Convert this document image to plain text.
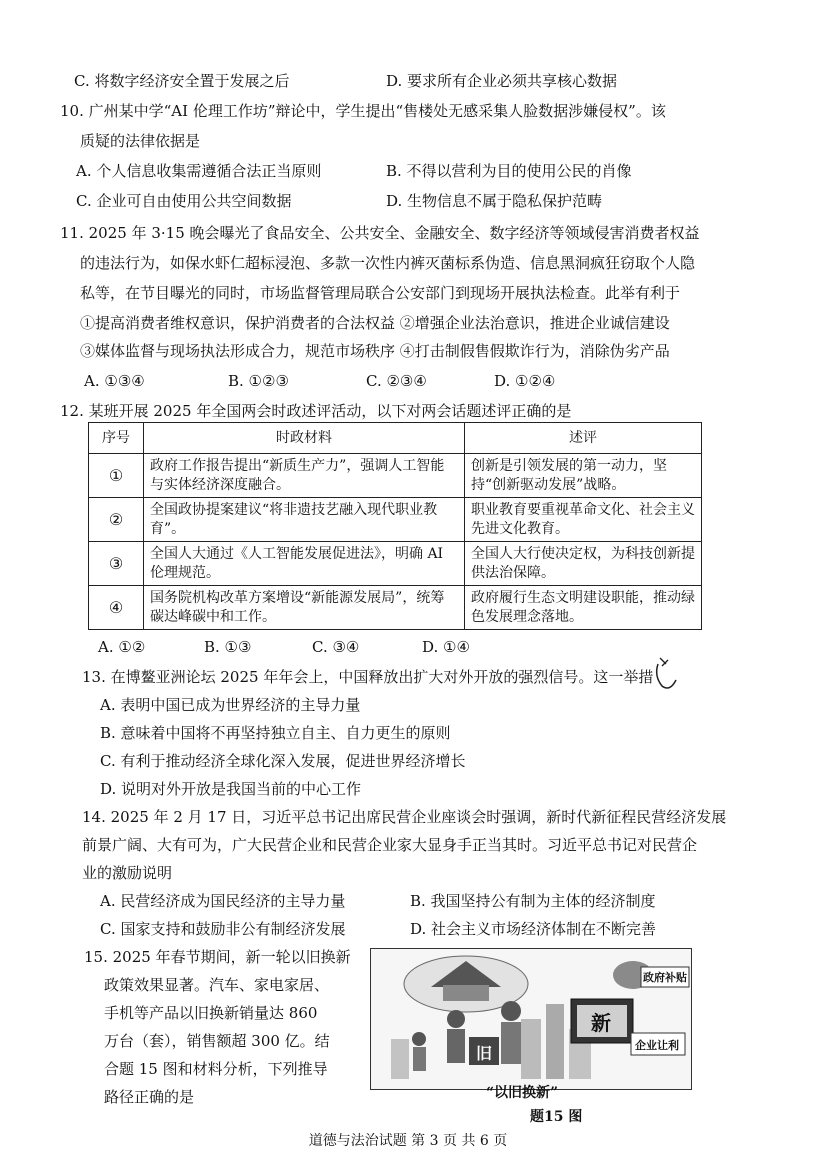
C. 将数字经济安全置于发展之后	D. 要求所有企业必须共享核心数据
10. 广州某中学“AI 伦理工作坊”辩论中，学生提出“售楼处无感采集人脸数据涉嫌侵权”。该
质疑的法律依据是
A. 个人信息收集需遵循合法正当原则	B. 不得以营利为目的使用公民的肖像
C. 企业可自由使用公共空间数据	D. 生物信息不属于隐私保护范畴
11. 2025 年 3·15 晚会曝光了食品安全、公共安全、金融安全、数字经济等领域侵害消费者权益
的违法行为，如保水虾仁超标浸泡、多款一次性内裤灭菌标系伪造、信息黑洞疯狂窃取个人隐
私等，在节目曝光的同时，市场监督管理局联合公安部门到现场开展执法检查。此举有利于
①提高消费者维权意识，保护消费者的合法权益 ②增强企业法治意识，推进企业诚信建设
③媒体监督与现场执法形成合力，规范市场秩序 ④打击制假售假欺诈行为，消除伪劣产品
A. ①③④	B. ①②③	C. ②③④	D. ①②④
12. 某班开展 2025 年全国两会时政述评活动，以下对两会话题述评正确的是
序号	时政材料	述评
①	政府工作报告提出“新质生产力”，强调人工智能与实体经济深度融合。	创新是引领发展的第一动力，坚持“创新驱动发展”战略。
②	全国政协提案建议“将非遗技艺融入现代职业教育”。	职业教育要重视革命文化、社会主义先进文化教育。
③	全国人大通过《人工智能发展促进法》，明确 AI 伦理规范。	全国人大行使决定权，为科技创新提供法治保障。
④	国务院机构改革方案增设“新能源发展局”，统筹碳达峰碳中和工作。	政府履行生态文明建设职能，推动绿色发展理念落地。
A. ①②	B. ①③	C. ③④	D. ①④
13. 在博鳌亚洲论坛 2025 年年会上，中国释放出扩大对外开放的强烈信号。这一举措
A. 表明中国已成为世界经济的主导力量
B. 意味着中国将不再坚持独立自主、自力更生的原则
C. 有利于推动经济全球化深入发展，促进世界经济增长
D. 说明对外开放是我国当前的中心工作
14. 2025 年 2 月 17 日，习近平总书记出席民营企业座谈会时强调，新时代新征程民营经济发展
前景广阔、大有可为，广大民营企业和民营企业家大显身手正当其时。习近平总书记对民营企
业的激励说明
A. 民营经济成为国民经济的主导力量	B. 我国坚持公有制为主体的经济制度
C. 国家支持和鼓励非公有制经济发展	D. 社会主义市场经济体制在不断完善
15. 2025 年春节期间，新一轮以旧换新
政策效果显著。汽车、家电家居、
手机等产品以旧换新销量达 860
万台（套），销售额超 300 亿。结
合题 15 图和材料分析，下列推导
路径正确的是
政府补贴
企业让利
旧
新
“以旧换新”
题15 图
道德与法治试题 第 3 页 共 6 页
